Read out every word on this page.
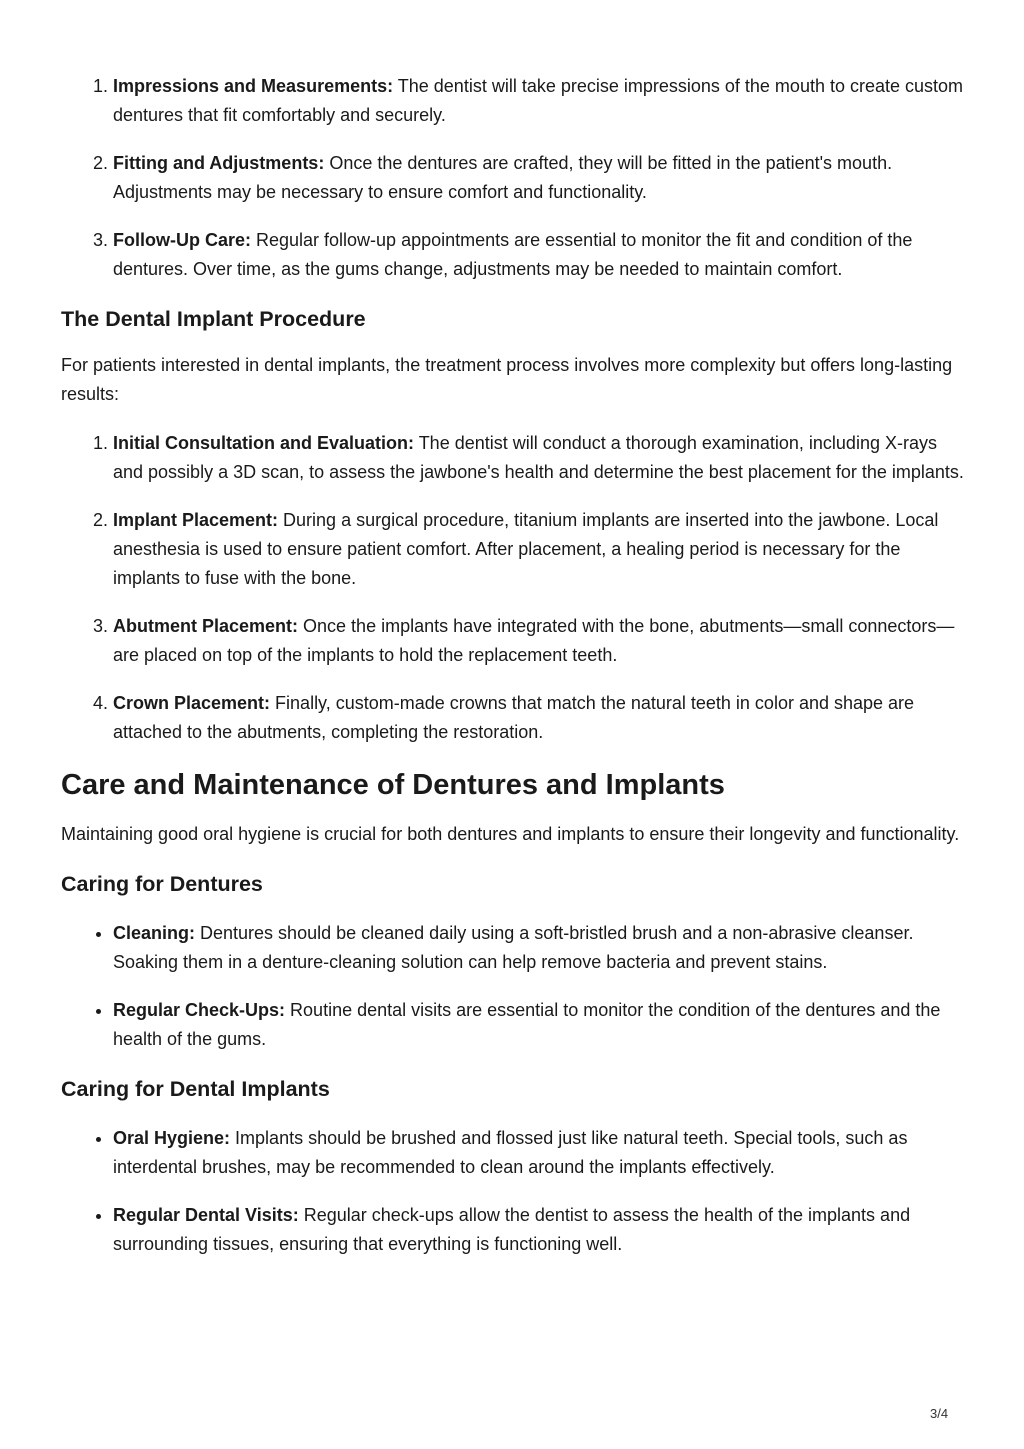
1. Impressions and Measurements: The dentist will take precise impressions of the mouth to create custom dentures that fit comfortably and securely.
2. Fitting and Adjustments: Once the dentures are crafted, they will be fitted in the patient's mouth. Adjustments may be necessary to ensure comfort and functionality.
3. Follow-Up Care: Regular follow-up appointments are essential to monitor the fit and condition of the dentures. Over time, as the gums change, adjustments may be needed to maintain comfort.
The Dental Implant Procedure

For patients interested in dental implants, the treatment process involves more complexity but offers long-lasting results:

1. Initial Consultation and Evaluation: The dentist will conduct a thorough examination, including X-rays and possibly a 3D scan, to assess the jawbone's health and determine the best placement for the implants.
2. Implant Placement: During a surgical procedure, titanium implants are inserted into the jawbone. Local anesthesia is used to ensure patient comfort. After placement, a healing period is necessary for the implants to fuse with the bone.
3. Abutment Placement: Once the implants have integrated with the bone, abutments—small connectors—are placed on top of the implants to hold the replacement teeth.
4. Crown Placement: Finally, custom-made crowns that match the natural teeth in color and shape are attached to the abutments, completing the restoration.
Care and Maintenance of Dentures and Implants

Maintaining good oral hygiene is crucial for both dentures and implants to ensure their longevity and functionality.

Caring for Dentures
• Cleaning: Dentures should be cleaned daily using a soft-bristled brush and a non-abrasive cleanser. Soaking them in a denture-cleaning solution can help remove bacteria and prevent stains.
• Regular Check-Ups: Routine dental visits are essential to monitor the condition of the dentures and the health of the gums.
Caring for Dental Implants
• Oral Hygiene: Implants should be brushed and flossed just like natural teeth. Special tools, such as interdental brushes, may be recommended to clean around the implants effectively.
• Regular Dental Visits: Regular check-ups allow the dentist to assess the health of the implants and surrounding tissues, ensuring that everything is functioning well.
3/4
